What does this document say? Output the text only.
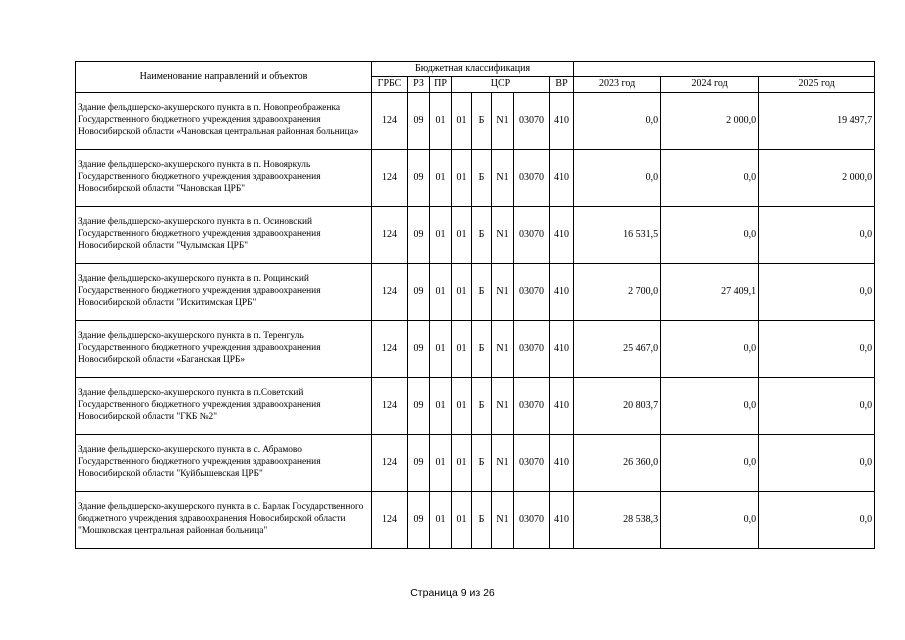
Наименование направлений и объектов	Бюджетная классификация										
	ГРБС	РЗ	ПР	ЦСР				ВР	2023 год	2024 год	2025 год
Здание фельдшерско-акушерского пункта в п. Новопреображенка Государственного бюджетного учреждения здравоохранения Новосибирской области «Чановская центральная районная больница»	124	09	01	01	Б	N1	03070	410	0,0	2 000,0	19 497,7
Здание фельдшерско-акушерского пункта в п. Новояркуль Государственного бюджетного учреждения здравоохранения Новосибирской области "Чановская ЦРБ"	124	09	01	01	Б	N1	03070	410	0,0	0,0	2 000,0
Здание фельдшерско-акушерского пункта в п. Осиновский Государственного бюджетного учреждения здравоохранения Новосибирской области "Чулымская ЦРБ"	124	09	01	01	Б	N1	03070	410	16 531,5	0,0	0,0
Здание фельдшерско-акушерского пункта в п. Рощинский Государственного бюджетного учреждения здравоохранения Новосибирской области "Искитимская ЦРБ"	124	09	01	01	Б	N1	03070	410	2 700,0	27 409,1	0,0
Здание фельдшерско-акушерского пункта в п. Теренгуль Государственного бюджетного учреждения здравоохранения Новосибирской области «Баганская ЦРБ»	124	09	01	01	Б	N1	03070	410	25 467,0	0,0	0,0
Здание фельдшерско-акушерского пункта в п.Советский Государственного бюджетного учреждения здравоохранения Новосибирской области "ГКБ №2"	124	09	01	01	Б	N1	03070	410	20 803,7	0,0	0,0
Здание фельдшерско-акушерского пункта в с. Абрамово Государственного бюджетного учреждения здравоохранения Новосибирской области "Куйбышевская ЦРБ"	124	09	01	01	Б	N1	03070	410	26 360,0	0,0	0,0
Здание фельдшерско-акушерского пункта в с. Барлак Государственного бюджетного учреждения здравоохранения Новосибирской области "Мошковская центральная районная больница"	124	09	01	01	Б	N1	03070	410	28 538,3	0,0	0,0
Страница 9 из 26
